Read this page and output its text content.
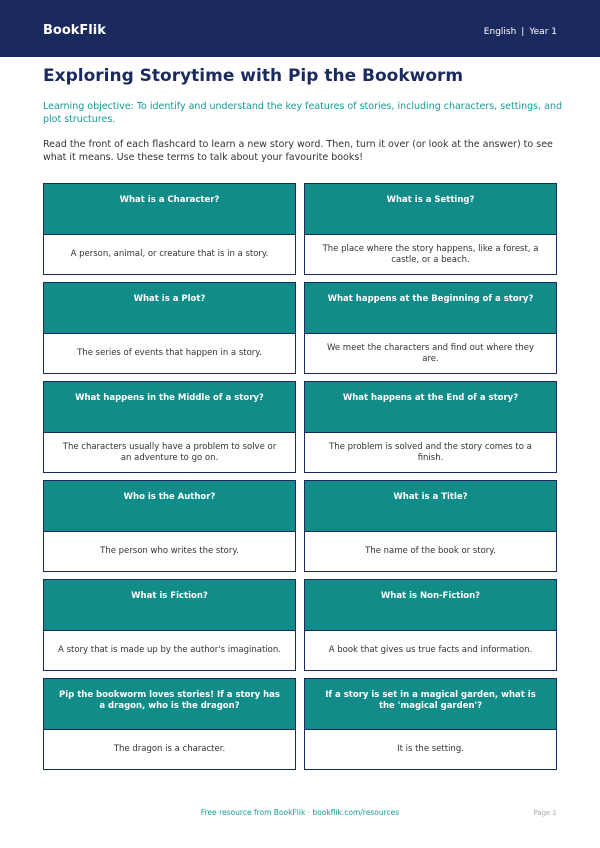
BookFlik	English | Year 1
Exploring Storytime with Pip the Bookworm

Learning objective: To identify and understand the key features of stories, including characters, settings, and plot structures.

Read the front of each flashcard to learn a new story word. Then, turn it over (or look at the answer) to see what it means. Use these terms to talk about your favourite books!

What is a Character?
A person, animal, or creature that is in a story.
What is a Setting?
The place where the story happens, like a forest, a castle, or a beach.
What is a Plot?
The series of events that happen in a story.
What happens at the Beginning of a story?
We meet the characters and find out where they are.
What happens in the Middle of a story?
The characters usually have a problem to solve or an adventure to go on.
What happens at the End of a story?
The problem is solved and the story comes to a finish.
Who is the Author?
The person who writes the story.
What is a Title?
The name of the book or story.
What is Fiction?
A story that is made up by the author's imagination.
What is Non-Fiction?
A book that gives us true facts and information.
Pip the bookworm loves stories! If a story has a dragon, who is the dragon?
The dragon is a character.
If a story is set in a magical garden, what is the 'magical garden'?
It is the setting.
Free resource from BookFlik · bookflik.com/resources	Page 1
